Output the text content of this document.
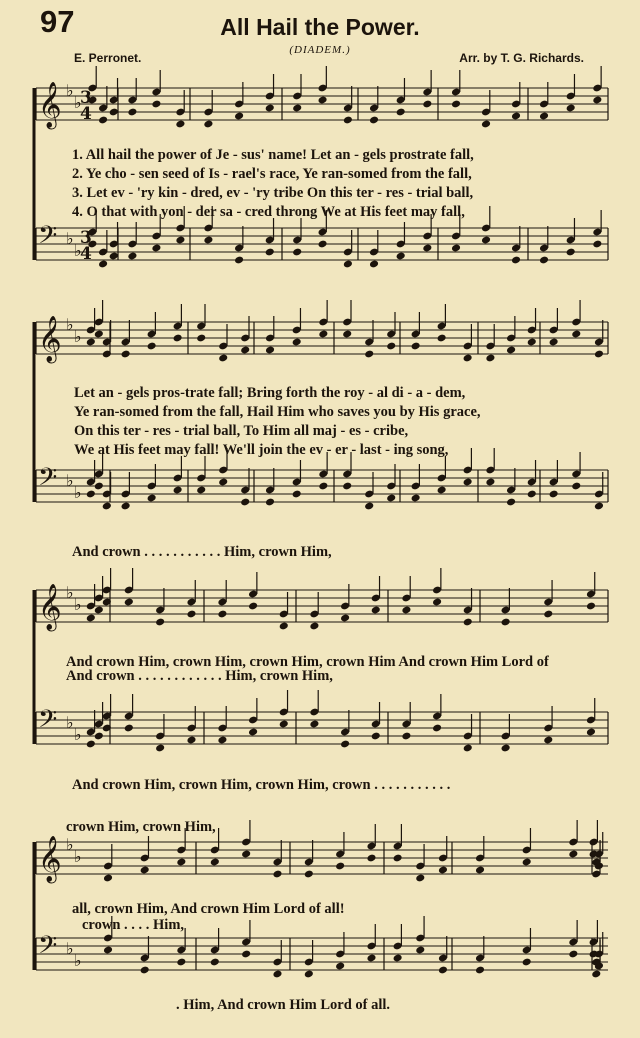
97	All Hail the Power.
(DIADEM.)
E. Perronet.	Arr. by T. G. Richards.
𝄞 ♭
♭
𝄢 ♭
♭
𝄞 ♭
♭
𝄢 ♭
♭
𝄞 ♭
♭
𝄢 ♭
♭
𝄞 ♭
♭
𝄢 ♭
♭
3
4
3
4
1. All hail the power of Je - sus' name! Let an - gels prostrate fall,
2. Ye cho - sen seed of Is - rael's race, Ye ran-somed from the fall,
3. Let ev - 'ry kin - dred, ev - 'ry tribe On this ter - res - trial ball,
4. O that with yon - der sa - cred throng We at His feet may fall,
Let an - gels pros-trate fall; Bring forth the roy - al di - a - dem,
Ye ran-somed from the fall, Hail Him who saves you by His grace,
On this ter - res - trial ball, To Him all maj - es - cribe,
We at His feet may fall! We'll join the ev - er - last - ing song,
And crown . . . . . . . . . . . Him, crown Him,
And crown Him, crown Him, crown Him, crown Him And crown Him Lord of
And crown . . . . . . . . . . . . Him, crown Him,
And crown Him, crown Him, crown Him, crown . . . . . . . . . . .
crown Him, crown Him,
all, crown Him, And crown Him Lord of all!
crown . . . . Him,
. Him, And crown Him Lord of all.
